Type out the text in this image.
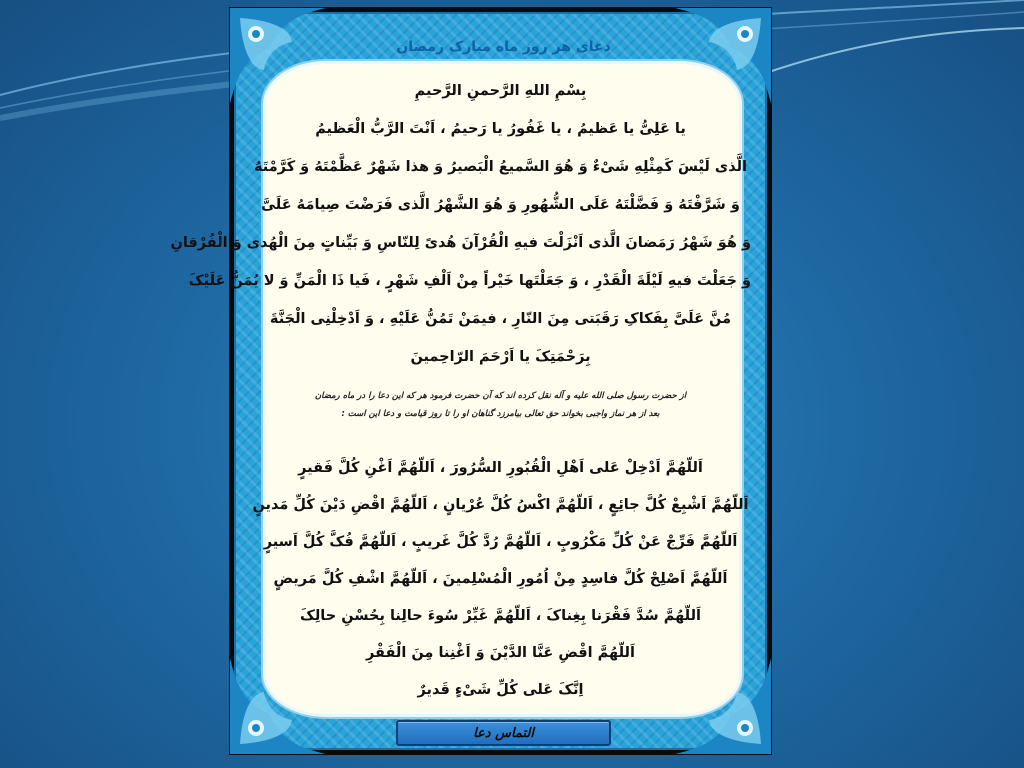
دعای هر روز ماه مبارک رمضان
بِسْمِ اللهِ الرَّحمنِ الرَّحیمِ
یا عَلِیُّ یا عَظیمُ ، یا غَفُورُ یا رَحیمُ ، اَنْتَ الرَّبُّ الْعَظیمُ
الَّذی لَیْسَ کَمِثْلِهِ شَیْءٌ وَ هُوَ السَّمیعُ الْبَصیرُ وَ هذا شَهْرٌ عَظَّمْتَهُ وَ کَرَّمْتَهُ
وَ شَرَّفْتَهُ وَ فَضَّلْتَهُ عَلَی الشُّهُورِ وَ هُوَ الشَّهْرُ الَّذی فَرَضْتَ صِیامَهُ عَلَیَّ
وَ هُوَ شَهْرُ رَمَضانَ الَّذی اَنْزَلْتَ فیهِ الْقُرْآنَ هُدیً لِلنّاسِ وَ بَیِّناتٍ مِنَ الْهُدی وَ الْفُرْقانِ
وَ جَعَلْتَ فیهِ لَیْلَةَ الْقَدْرِ ، وَ جَعَلْتَها خَیْراً مِنْ اَلْفِ شَهْرٍ ، فَیا ذَا الْمَنِّ وَ لا یُمَنُّ عَلَیْکَ
مُنَّ عَلَیَّ بِفَکاکِ رَقَبَتی مِنَ النّارِ ، فیمَنْ تَمُنُّ عَلَیْهِ ، وَ اَدْخِلْنِی الْجَنَّةَ
بِرَحْمَتِکَ یا اَرْحَمَ الرّاحِمینَ
از حضرت رسول صلی الله علیه و آله نقل کرده اند که آن حضرت فرمود هر که این دعا را در ماه رمضان
بعد از هر نماز واجبی بخواند حق تعالی بیامرزد گناهان او را تا روز قیامت و دعا این است :
اَللّهُمَّ اَدْخِلْ عَلی اَهْلِ الْقُبُورِ السُّرُورَ ، اَللّهُمَّ اَغْنِ کُلَّ فَقیرٍ
اَللّهُمَّ اَشْبِعْ کُلَّ جائِعٍ ، اَللّهُمَّ اکْسُ کُلَّ عُرْیانٍ ، اَللّهُمَّ اقْضِ دَیْنَ کُلِّ مَدینٍ
اَللّهُمَّ فَرِّجْ عَنْ کُلِّ مَکْرُوبٍ ، اَللّهُمَّ رُدَّ کُلَّ غَریبٍ ، اَللّهُمَّ فُکَّ کُلَّ اَسیرٍ
اَللّهُمَّ اَصْلِحْ کُلَّ فاسِدٍ مِنْ اُمُورِ الْمُسْلِمینَ ، اَللّهُمَّ اشْفِ کُلَّ مَریضٍ
اَللّهُمَّ سُدَّ فَقْرَنا بِغِناکَ ، اَللّهُمَّ غَیِّرْ سُوءَ حالِنا بِحُسْنِ حالِکَ
اَللّهُمَّ اقْضِ عَنَّا الدَّیْنَ وَ اَغْنِنا مِنَ الْفَقْرِ
اِنَّکَ عَلی کُلِّ شَیْءٍ قَدیرٌ
التماس دعا
